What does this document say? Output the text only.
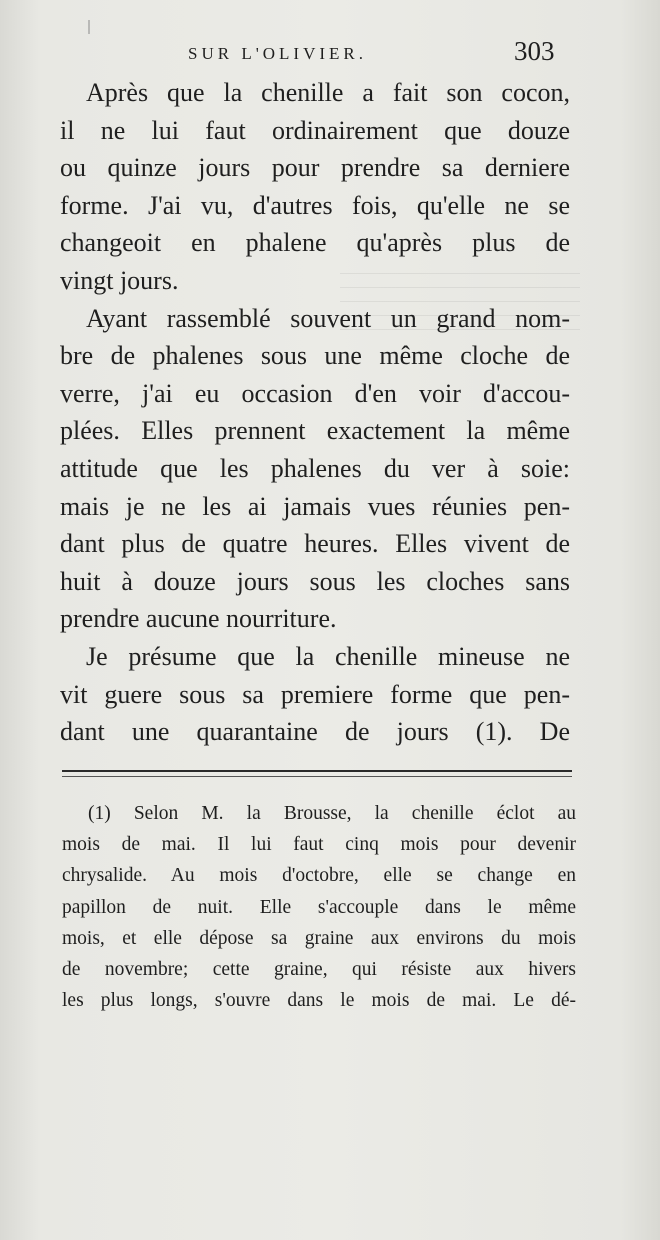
SUR L'OLIVIER.	303

Après que la chenille a fait son cocon,
il ne lui faut ordinairement que douze
ou quinze jours pour prendre sa derniere
forme. J'ai vu, d'autres fois, qu'elle ne se
changeoit en phalene qu'après plus de
vingt jours.

Ayant rassemblé souvent un grand nom-
bre de phalenes sous une même cloche de
verre, j'ai eu occasion d'en voir d'accou-
plées. Elles prennent exactement la même
attitude que les phalenes du ver à soie:
mais je ne les ai jamais vues réunies pen-
dant plus de quatre heures. Elles vivent de
huit à douze jours sous les cloches sans
prendre aucune nourriture.

Je présume que la chenille mineuse ne
vit guere sous sa premiere forme que pen-
dant une quarantaine de jours (1). De

(1) Selon M. la Brousse, la chenille éclot au
mois de mai. Il lui faut cinq mois pour devenir
chrysalide. Au mois d'octobre, elle se change en
papillon de nuit. Elle s'accouple dans le même
mois, et elle dépose sa graine aux environs du mois
de novembre; cette graine, qui résiste aux hivers
les plus longs, s'ouvre dans le mois de mai. Le dé-
